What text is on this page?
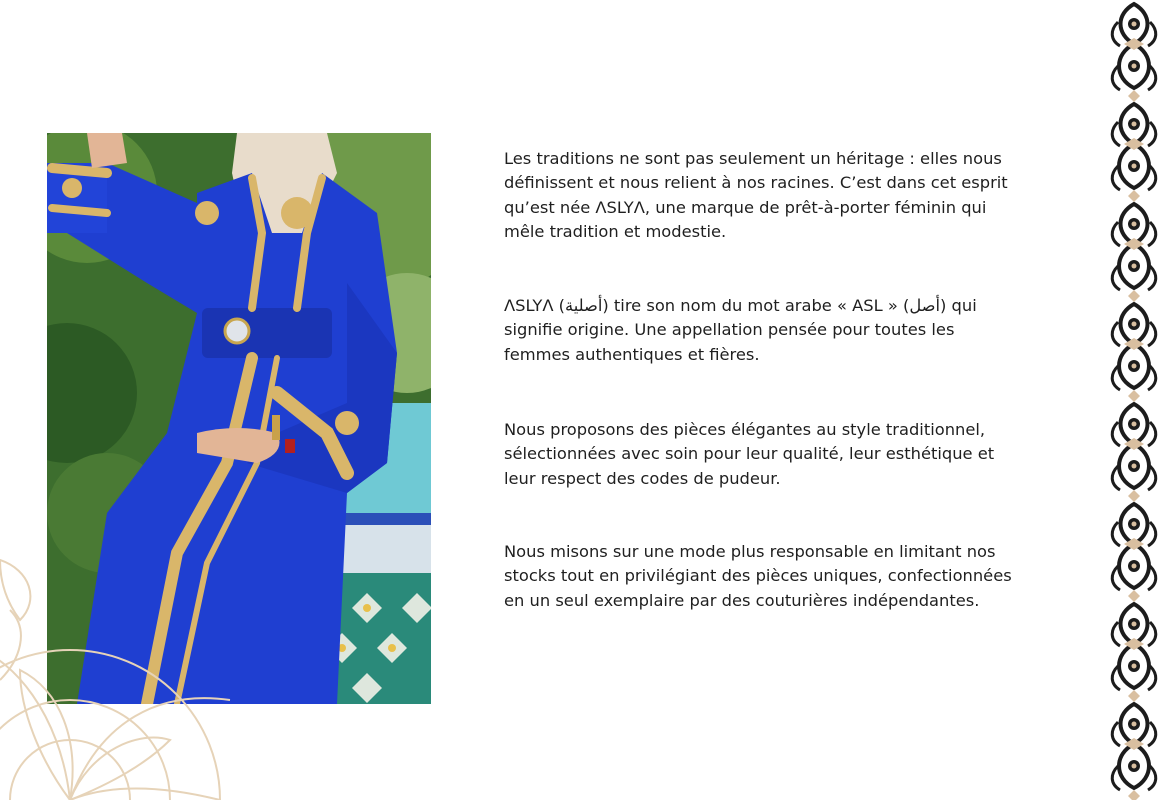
Les traditions ne sont pas seulement un héritage : elles nous
définissent et nous relient à nos racines. C’est dans cet esprit
qu’est née ΛSLYΛ, une marque de prêt-à-porter féminin qui
mêle tradition et modestie.

ΛSLYΛ (أصلية) tire son nom du mot arabe « ASL » (أصل) qui
signifie origine. Une appellation pensée pour toutes les
femmes authentiques et fières.

Nous proposons des pièces élégantes au style traditionnel,
sélectionnées avec soin pour leur qualité, leur esthétique et
leur respect des codes de pudeur.

Nous misons sur une mode plus responsable en limitant nos
stocks tout en privilégiant des pièces uniques, confectionnées
en un seul exemplaire par des couturières indépendantes.
